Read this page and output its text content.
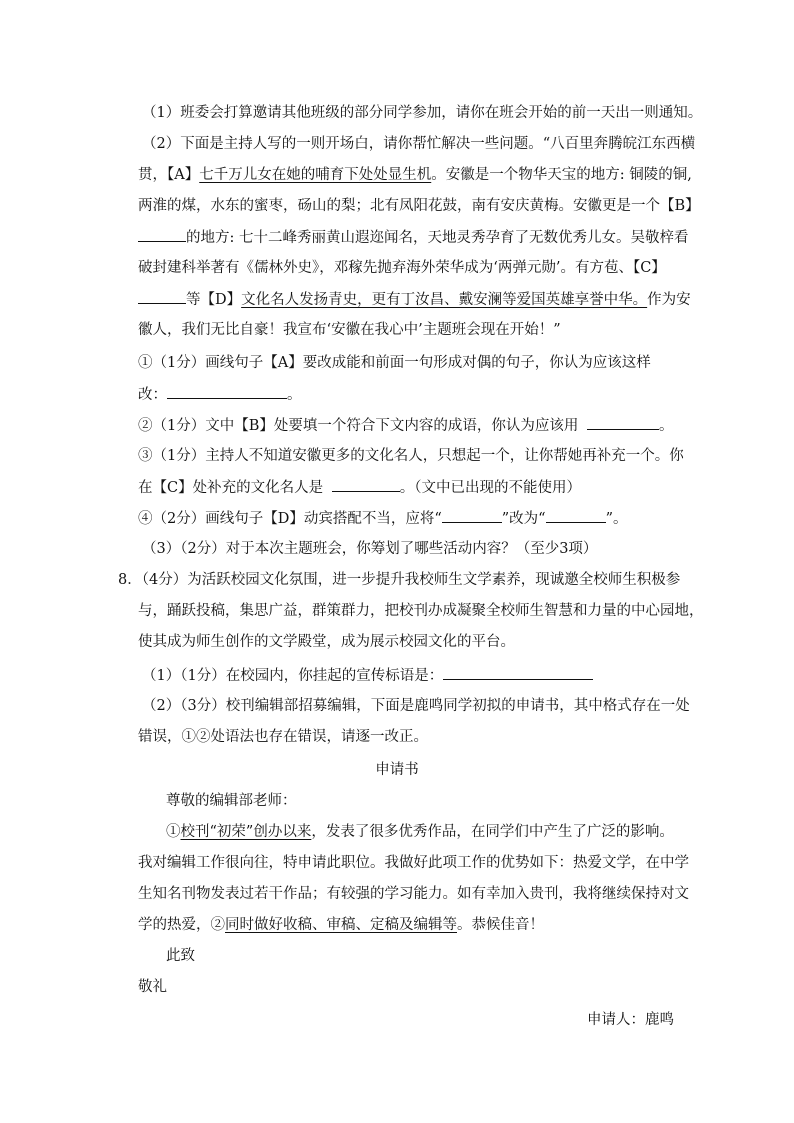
（1）班委会打算邀请其他班级的部分同学参加，请你在班会开始的前一天出一则通知。
（2）下面是主持人写的一则开场白，请你帮忙解决一些问题。“八百里奔腾皖江东西横
贯，【A】七千万儿女在她的哺育下处处显生机。安徽是一个物华天宝的地方: 铜陵的铜,
两淮的煤，水东的蜜枣，砀山的梨；北有凤阳花鼓，南有安庆黄梅。安徽更是一个【B】
的地方: 七十二峰秀丽黄山遐迩闻名，天地灵秀孕育了无数优秀儿女。吴敬梓看
破封建科举著有《儒林外史》，邓稼先抛弃海外荣华成为‘两弹元勋’。有方苞、【C】
等【D】文化名人发扬青史，更有丁汝昌、戴安澜等爱国英雄享誉中华。作为安
徽人，我们无比自豪！我宣布‘安徽在我心中’主题班会现在开始！”
①（1分）画线句子【A】要改成能和前面一句形成对偶的句子，你认为应该这样
改：	。
②（1分）文中【B】处要填一个符合下文内容的成语，你认为应该用	。
③（1分）主持人不知道安徽更多的文化名人，只想起一个，让你帮她再补充一个。你
在【C】处补充的文化名人是	。（文中已出现的不能使用）
④（2分）画线句子【D】动宾搭配不当，应将“	”改为“	”。
（3）（2分）对于本次主题班会，你筹划了哪些活动内容？（至少3项）
8．（4分）为活跃校园文化氛围，进一步提升我校师生文学素养，现诚邀全校师生积极参
与，踊跃投稿，集思广益，群策群力，把校刊办成凝聚全校师生智慧和力量的中心园地，
使其成为师生创作的文学殿堂，成为展示校园文化的平台。
（1）（1分）在校园内，你挂起的宣传标语是：
（2）（3分）校刊编辑部招募编辑，下面是鹿鸣同学初拟的申请书，其中格式存在一处
错误，①②处语法也存在错误，请逐一改正。
申请书
尊敬的编辑部老师：
①校刊“初荣”创办以来，发表了很多优秀作品，在同学们中产生了广泛的影响。
我对编辑工作很向往，特申请此职位。我做好此项工作的优势如下：热爱文学，在中学
生知名刊物发表过若干作品；有较强的学习能力。如有幸加入贵刊，我将继续保持对文
学的热爱，②同时做好收稿、审稿、定稿及编辑等。恭候佳音！
此致
敬礼
申请人：鹿鸣
